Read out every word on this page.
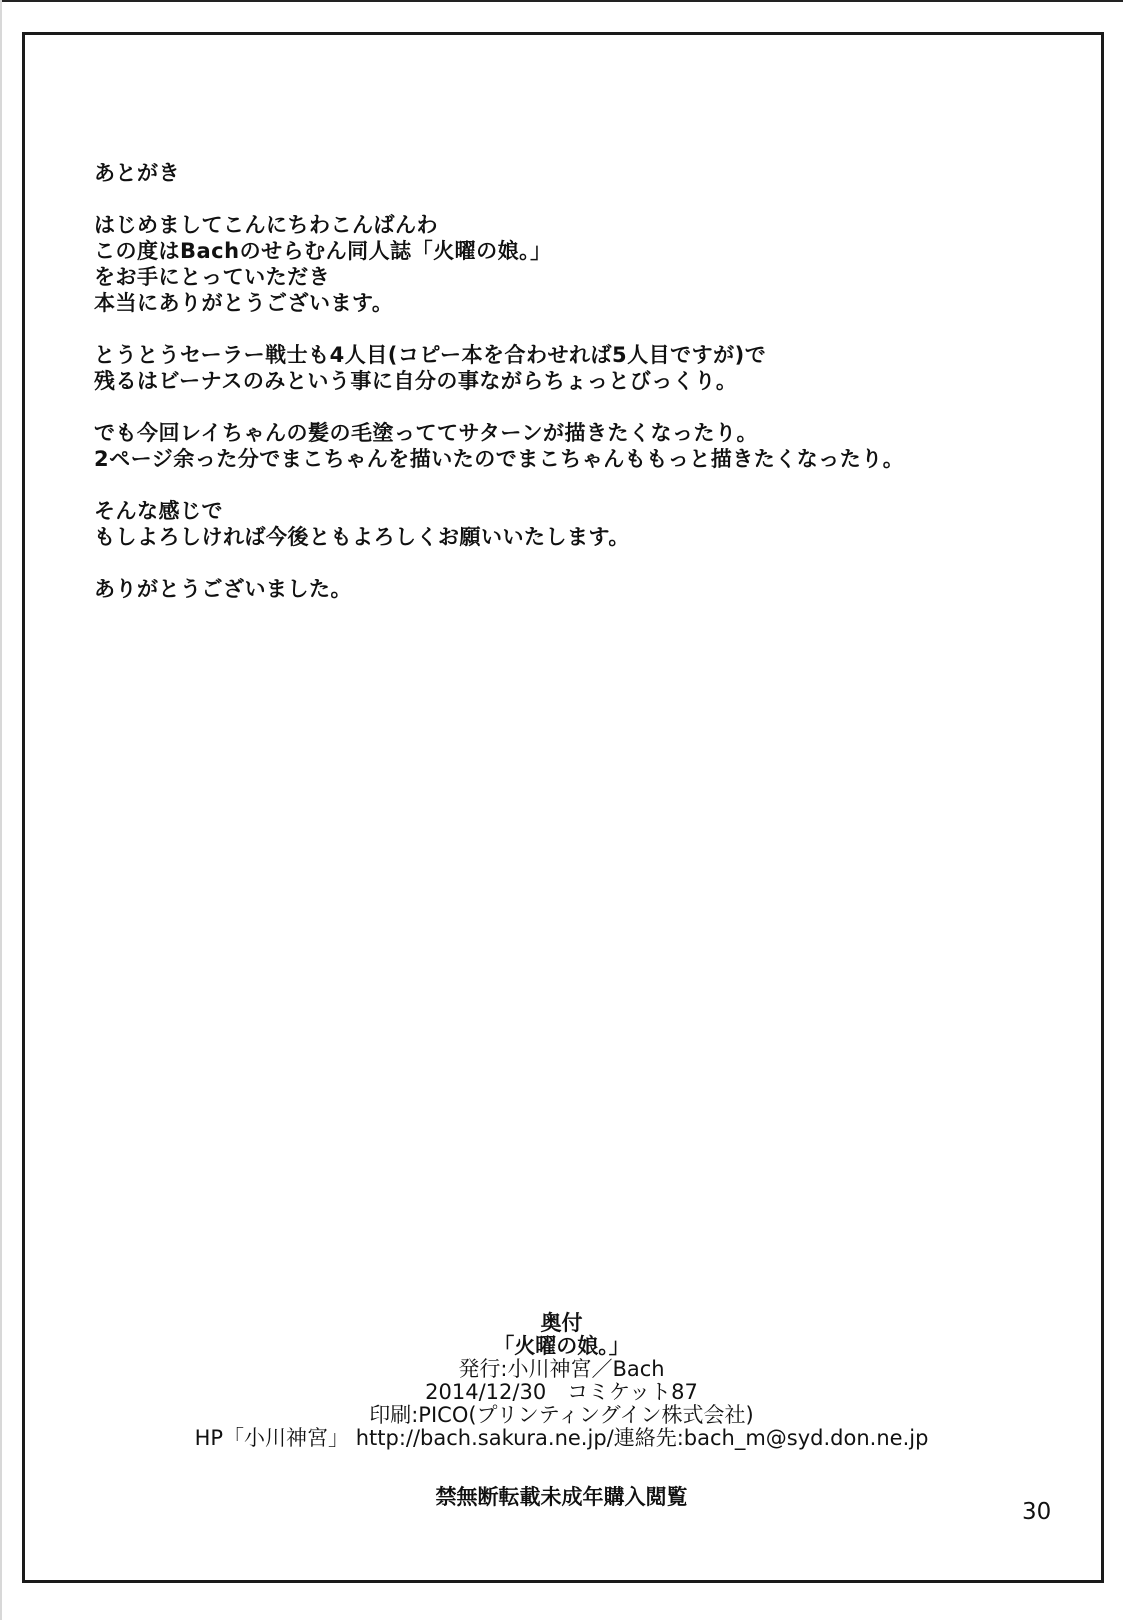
あとがき

はじめましてこんにちわこんばんわ
この度はBachのせらむん同人誌「火曜の娘。」
をお手にとっていただき
本当にありがとうございます。

とうとうセーラー戦士も4人目(コピー本を合わせれば5人目ですが)で
残るはビーナスのみという事に自分の事ながらちょっとびっくり。

でも今回レイちゃんの髪の毛塗っててサターンが描きたくなったり。
2ページ余った分でまこちゃんを描いたのでまこちゃんももっと描きたくなったり。

そんな感じで
もしよろしければ今後ともよろしくお願いいたします。

ありがとうございました。

奥付
「火曜の娘。」
発行:小川神宮／Bach
2014/12/30　コミケット87
印刷:PICO(プリンティングイン株式会社)
HP「小川神宮」 http://bach.sakura.ne.jp/連絡先:bach_m@syd.don.ne.jp
禁無断転載未成年購入閲覧
30
